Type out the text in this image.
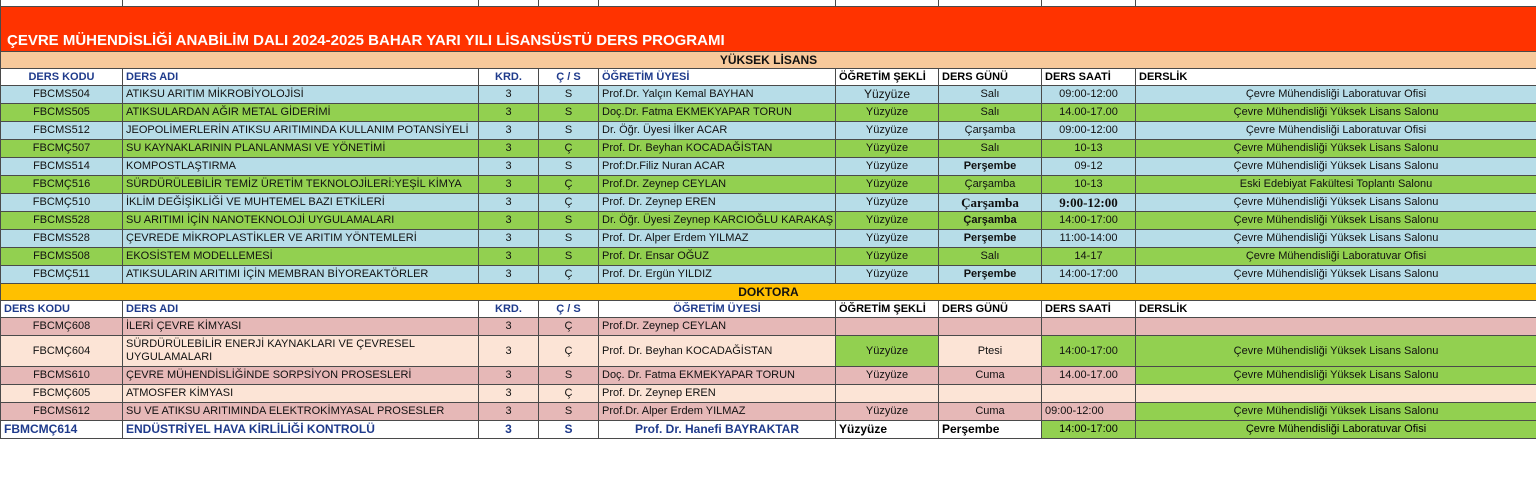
ÇEVRE MÜHENDİSLİĞİ ANABİLİM DALI 2024-2025 BAHAR YARI YILI LİSANSÜSTÜ DERS PROGRAMI								
YÜKSEK LİSANS								
DERS KODU	DERS ADI	KRD.	Ç / S	ÖĞRETİM ÜYESİ	ÖĞRETİM ŞEKLİ	DERS GÜNÜ	DERS SAATİ	DERSLİK
FBCMS504	ATIKSU ARITIM MİKROBİYOLOJİSİ	3	S	Prof.Dr. Yalçın Kemal BAYHAN	Yüzyüze	Salı	09:00-12:00	Çevre Mühendisliği Laboratuvar Ofisi
FBCMS505	ATIKSULARDAN AĞIR METAL GİDERİMİ	3	S	Doç.Dr. Fatma EKMEKYAPAR TORUN	Yüzyüze	Salı	14.00-17.00	Çevre Mühendisliği Yüksek Lisans Salonu
FBCMS512	JEOPOLİMERLERİN ATIKSU ARITIMINDA KULLANIM POTANSİYELİ	3	S	Dr. Öğr. Üyesi İlker ACAR	Yüzyüze	Çarşamba	09:00-12:00	Çevre Mühendisliği Laboratuvar Ofisi
FBCMÇ507	SU KAYNAKLARININ PLANLANMASI VE YÖNETİMİ	3	Ç	Prof. Dr. Beyhan KOCADAĞİSTAN	Yüzyüze	Salı	10-13	Çevre Mühendisliği Yüksek Lisans Salonu
FBCMS514	KOMPOSTLAŞTIRMA	3	S	Prof:Dr.Filiz Nuran ACAR	Yüzyüze	Perşembe	09-12	Çevre Mühendisliği Yüksek Lisans Salonu
FBCMÇ516	SÜRDÜRÜLEBİLİR TEMİZ ÜRETİM TEKNOLOJİLERİ:YEŞİL KİMYA	3	Ç	Prof.Dr. Zeynep CEYLAN	Yüzyüze	Çarşamba	10-13	Eski Edebiyat Fakültesi Toplantı Salonu
FBCMÇ510	İKLİM DEĞİŞİKLİĞİ VE MUHTEMEL BAZI ETKİLERİ	3	Ç	Prof. Dr. Zeynep EREN	Yüzyüze	Çarşamba	9:00-12:00	Çevre Mühendisliği Yüksek Lisans Salonu
FBCMS528	SU ARITIMI İÇİN NANOTEKNOLOJİ UYGULAMALARI	3	S	Dr. Öğr. Üyesi Zeynep KARCIOĞLU KARAKAŞ	Yüzyüze	Çarşamba	14:00-17:00	Çevre Mühendisliği Yüksek Lisans Salonu
FBCMS528	ÇEVREDE MİKROPLASTİKLER VE ARITIM YÖNTEMLERİ	3	S	Prof. Dr. Alper Erdem YILMAZ	Yüzyüze	Perşembe	11:00-14:00	Çevre Mühendisliği Yüksek Lisans Salonu
FBCMS508	EKOSİSTEM MODELLEMESİ	3	S	Prof. Dr. Ensar OĞUZ	Yüzyüze	Salı	14-17	Çevre Mühendisliği Laboratuvar Ofisi
FBCMÇ511	ATIKSULARIN ARITIMI İÇİN MEMBRAN BİYOREAKTÖRLER	3	Ç	Prof. Dr. Ergün YILDIZ	Yüzyüze	Perşembe	14:00-17:00	Çevre Mühendisliği Yüksek Lisans Salonu
DOKTORA								
DERS KODU	DERS ADI	KRD.	Ç / S	ÖĞRETİM ÜYESİ	ÖĞRETİM ŞEKLİ	DERS GÜNÜ	DERS SAATİ	DERSLİK
FBCMÇ608	İLERİ ÇEVRE KİMYASI	3	Ç	Prof.Dr. Zeynep CEYLAN				
FBCMÇ604	SÜRDÜRÜLEBİLİR ENERJİ KAYNAKLARI VE ÇEVRESEL UYGULAMALARI	3	Ç	Prof. Dr. Beyhan KOCADAĞİSTAN	Yüzyüze	Ptesi	14:00-17:00	Çevre Mühendisliği Yüksek Lisans Salonu
FBCMS610	ÇEVRE MÜHENDİSLİĞİNDE SORPSİYON PROSESLERİ	3	S	Doç. Dr. Fatma EKMEKYAPAR TORUN	Yüzyüze	Cuma	14.00-17.00	Çevre Mühendisliği Yüksek Lisans Salonu
FBCMÇ605	ATMOSFER KİMYASI	3	Ç	Prof. Dr. Zeynep EREN				
FBCMS612	SU VE ATIKSU ARITIMINDA ELEKTROKİMYASAL PROSESLER	3	S	Prof.Dr. Alper Erdem YILMAZ	Yüzyüze	Cuma	09:00-12:00	Çevre Mühendisliği Yüksek Lisans Salonu
FBMCMÇ614	ENDÜSTRİYEL HAVA KİRLİLİĞİ KONTROLÜ	3	S	Prof. Dr. Hanefi BAYRAKTAR	Yüzyüze	Perşembe	14:00-17:00	Çevre Mühendisliği Laboratuvar Ofisi
